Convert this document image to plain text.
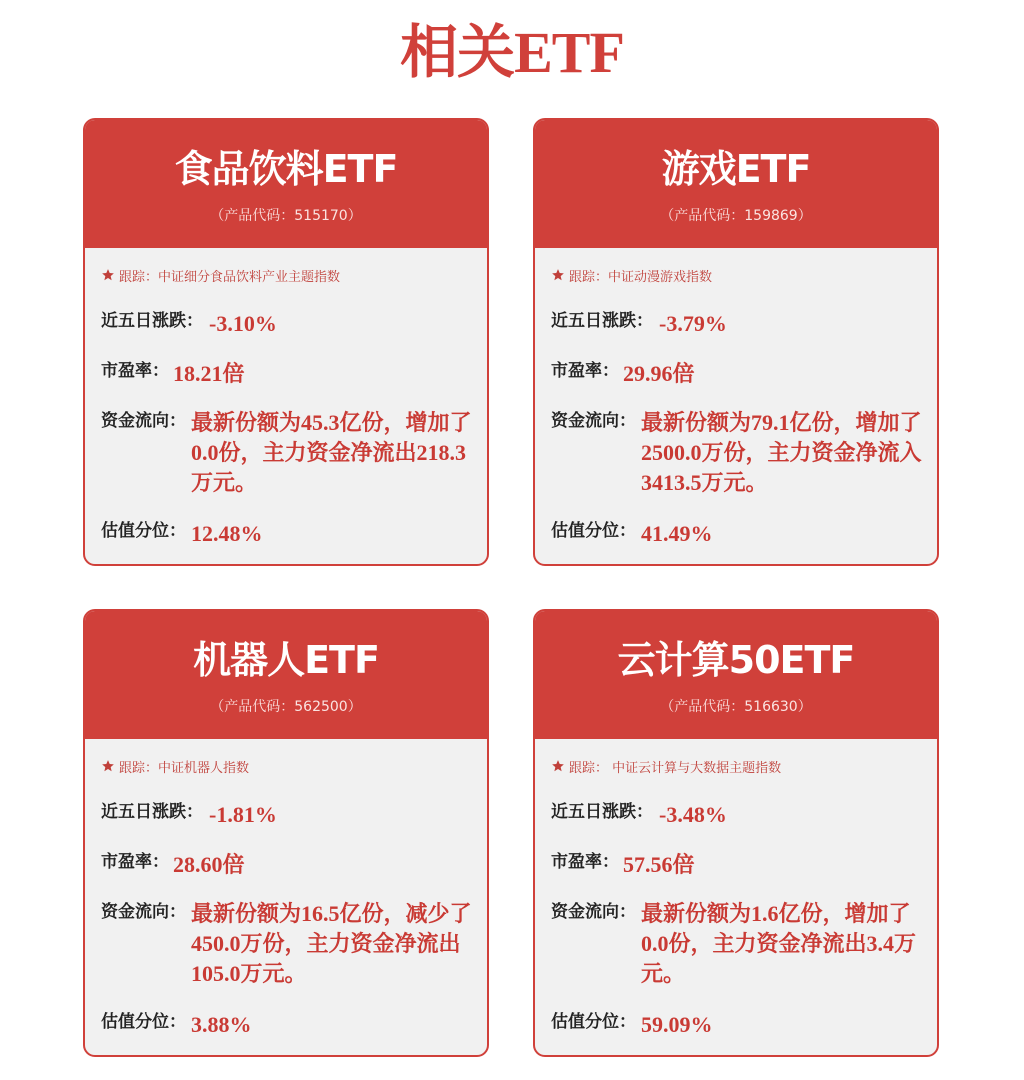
相关ETF
食品饮料ETF
（产品代码：515170）
跟踪：中证细分食品饮料产业主题指数
近五日涨跌： -3.10%
市盈率： 18.21倍
资金流向： 最新份额为45.3亿份，增加了0.0份，主力资金净流出218.3万元。
估值分位： 12.48%
游戏ETF
（产品代码：159869）
跟踪：中证动漫游戏指数
近五日涨跌： -3.79%
市盈率： 29.96倍
资金流向： 最新份额为79.1亿份，增加了2500.0万份，主力资金净流入3413.5万元。
估值分位： 41.49%
机器人ETF
（产品代码：562500）
跟踪：中证机器人指数
近五日涨跌： -1.81%
市盈率： 28.60倍
资金流向： 最新份额为16.5亿份，减少了450.0万份，主力资金净流出105.0万元。
估值分位： 3.88%
云计算50ETF
（产品代码：516630）
跟踪： 中证云计算与大数据主题指数
近五日涨跌： -3.48%
市盈率： 57.56倍
资金流向： 最新份额为1.6亿份，增加了0.0份，主力资金净流出3.4万元。
估值分位： 59.09%
